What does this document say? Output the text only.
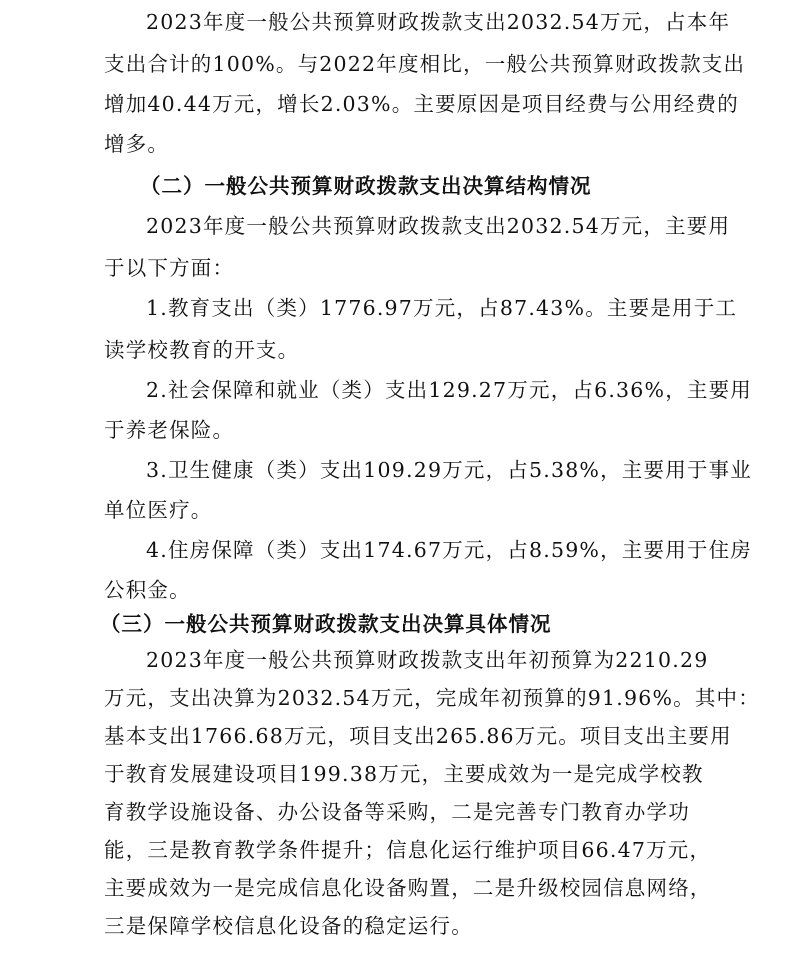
2023年度一般公共预算财政拨款支出2032.54万元，占本年
支出合计的100%。与2022年度相比，一般公共预算财政拨款支出
增加40.44万元，增长2.03%。主要原因是项目经费与公用经费的
增多。
（二）一般公共预算财政拨款支出决算结构情况
2023年度一般公共预算财政拨款支出2032.54万元，主要用
于以下方面：
1.教育支出（类）1776.97万元，占87.43%。主要是用于工
读学校教育的开支。
2.社会保障和就业（类）支出129.27万元，占6.36%，主要用
于养老保险。
3.卫生健康（类）支出109.29万元，占5.38%，主要用于事业
单位医疗。
4.住房保障（类）支出174.67万元，占8.59%，主要用于住房
公积金。
（三）一般公共预算财政拨款支出决算具体情况
2023年度一般公共预算财政拨款支出年初预算为2210.29
万元，支出决算为2032.54万元，完成年初预算的91.96%。其中：
基本支出1766.68万元，项目支出265.86万元。项目支出主要用
于教育发展建设项目199.38万元，主要成效为一是完成学校教
育教学设施设备、办公设备等采购，二是完善专门教育办学功
能，三是教育教学条件提升；信息化运行维护项目66.47万元，
主要成效为一是完成信息化设备购置，二是升级校园信息网络，
三是保障学校信息化设备的稳定运行。
